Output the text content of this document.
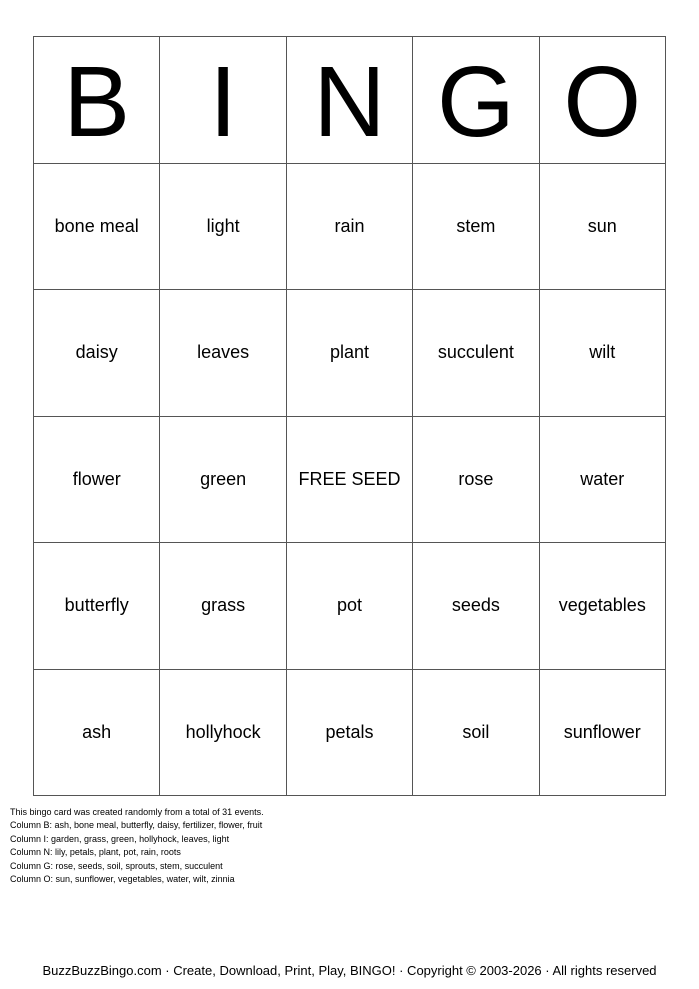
B I N G O
bone meal	light	rain	stem	sun
daisy	leaves	plant	succulent	wilt
flower	green	FREE SEED	rose	water
butterfly	grass	pot	seeds	vegetables
ash	hollyhock	petals	soil	sunflower
This bingo card was created randomly from a total of 31 events.
Column B: ash, bone meal, butterfly, daisy, fertilizer, flower, fruit
Column I: garden, grass, green, hollyhock, leaves, light
Column N: lily, petals, plant, pot, rain, roots
Column G: rose, seeds, soil, sprouts, stem, succulent
Column O: sun, sunflower, vegetables, water, wilt, zinnia
BuzzBuzzBingo.com · Create, Download, Print, Play, BINGO! · Copyright © 2003-2026 · All rights reserved
